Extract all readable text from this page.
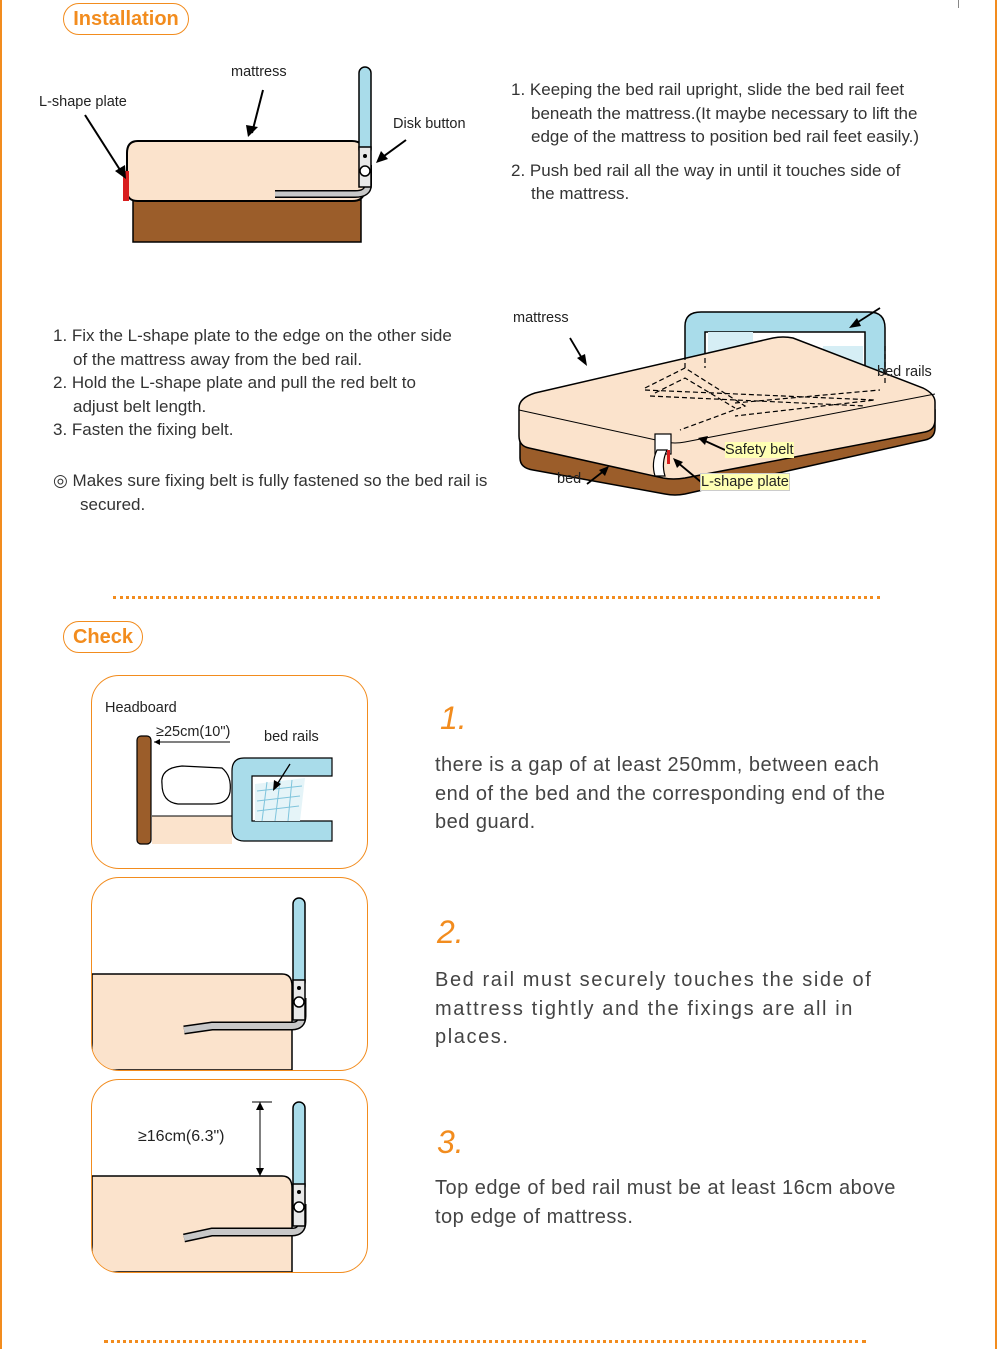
Installation
mattress
L-shape plate
Disk button
1. Keeping the bed rail upright, slide the bed rail feet beneath the mattress.(It maybe necessary to lift the edge of the mattress to position bed rail feet easily.)
2. Push bed rail all the way in until it touches side of the mattress.
1. Fix the L-shape plate to the edge on the other side of the mattress away from the bed rail.
2. Hold the L-shape plate and pull the red belt to adjust belt length.
3. Fasten the fixing belt.
◎ Makes sure fixing belt is fully fastened so the bed rail is secured.
mattress
bed rails
Safety belt
L-shape plate
bed
Check
Headboard
≥25cm(10") bed rails
≥16cm(6.3")
1.
there is a gap of at least 250mm, between each end of the bed and the corresponding end of the bed guard.
2.
Bed rail must securely touches the side of mattress tightly and the fixings are all in places.
3.
Top edge of bed rail must be at least 16cm above top edge of mattress.
